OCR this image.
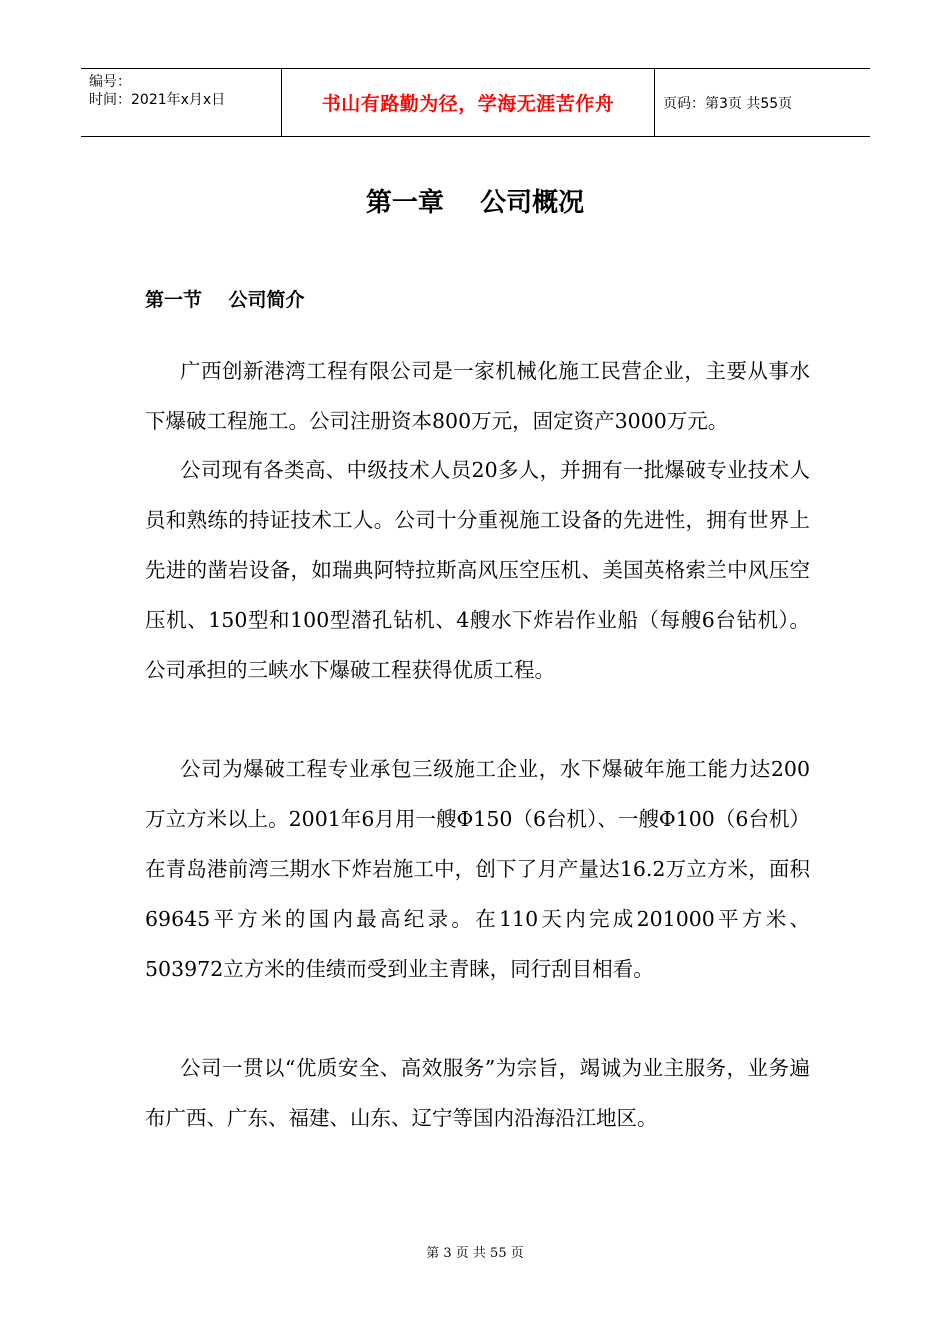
编号：
时间：2021年x月x日	书山有路勤为径，学海无涯苦作舟	页码：第3页 共55页
第一章    公司概况
第一节    公司简介

广西创新港湾工程有限公司是一家机械化施工民营企业，主要从事水下爆破工程施工。公司注册资本800万元，固定资产3000万元。

公司现有各类高、中级技术人员20多人，并拥有一批爆破专业技术人员和熟练的持证技术工人。公司十分重视施工设备的先进性，拥有世界上先进的凿岩设备，如瑞典阿特拉斯高风压空压机、美国英格索兰中风压空压机、150型和100型潜孔钻机、4艘水下炸岩作业船（每艘6台钻机）。公司承担的三峡水下爆破工程获得优质工程。

公司为爆破工程专业承包三级施工企业，水下爆破年施工能力达200万立方米以上。2001年6月用一艘Φ150（6台机）、一艘Φ100（6台机）在青岛港前湾三期水下炸岩施工中，创下了月产量达16.2万立方米，面积69645平方米的国内最高纪录。在110天内完成201000平方米、503972立方米的佳绩而受到业主青睐，同行刮目相看。

公司一贯以“优质安全、高效服务”为宗旨，竭诚为业主服务，业务遍布广西、广东、福建、山东、辽宁等国内沿海沿江地区。

第 3 页 共 55 页
